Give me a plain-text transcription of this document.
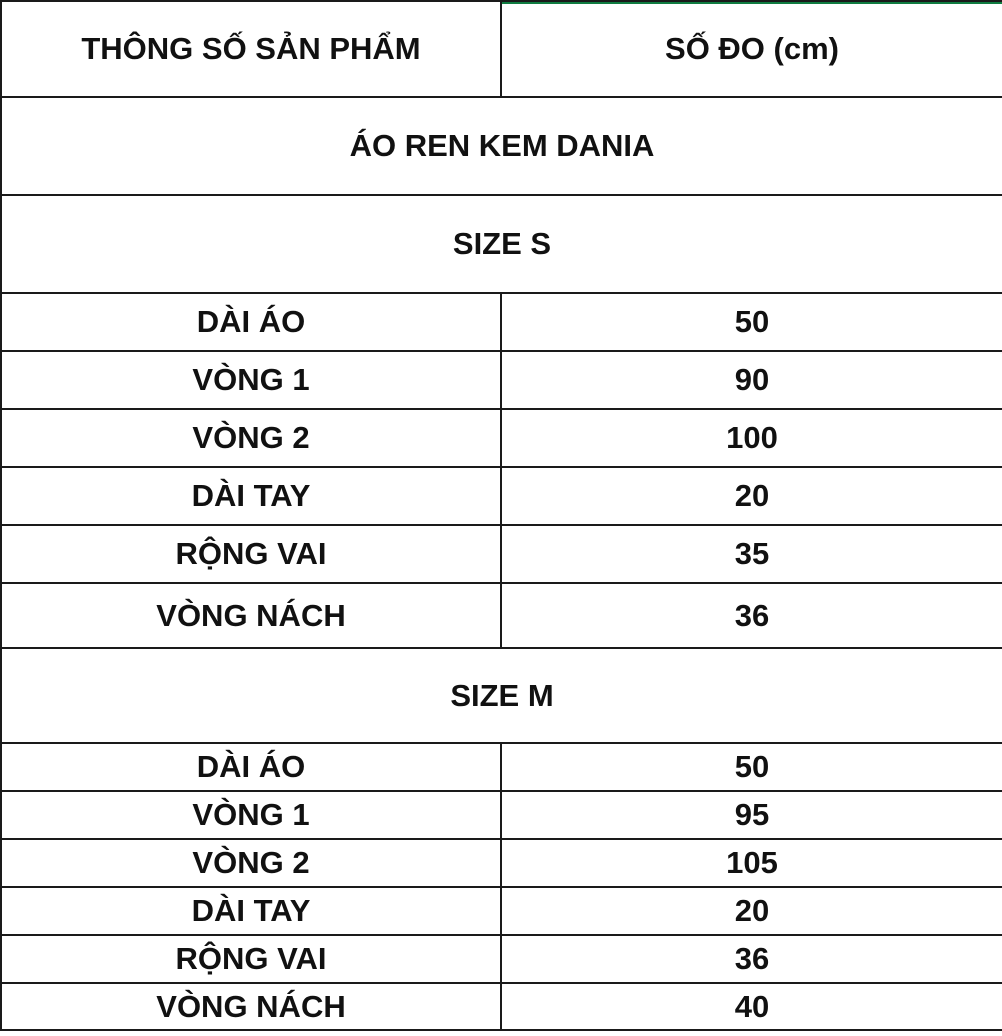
THÔNG SỐ SẢN PHẨM	SỐ ĐO (cm)
ÁO REN KEM DANIA	
SIZE S	
DÀI ÁO	50
VÒNG 1	90
VÒNG 2	100
DÀI TAY	20
RỘNG VAI	35
VÒNG NÁCH	36
SIZE M	
DÀI ÁO	50
VÒNG 1	95
VÒNG 2	105
DÀI TAY	20
RỘNG VAI	36
VÒNG NÁCH	40
